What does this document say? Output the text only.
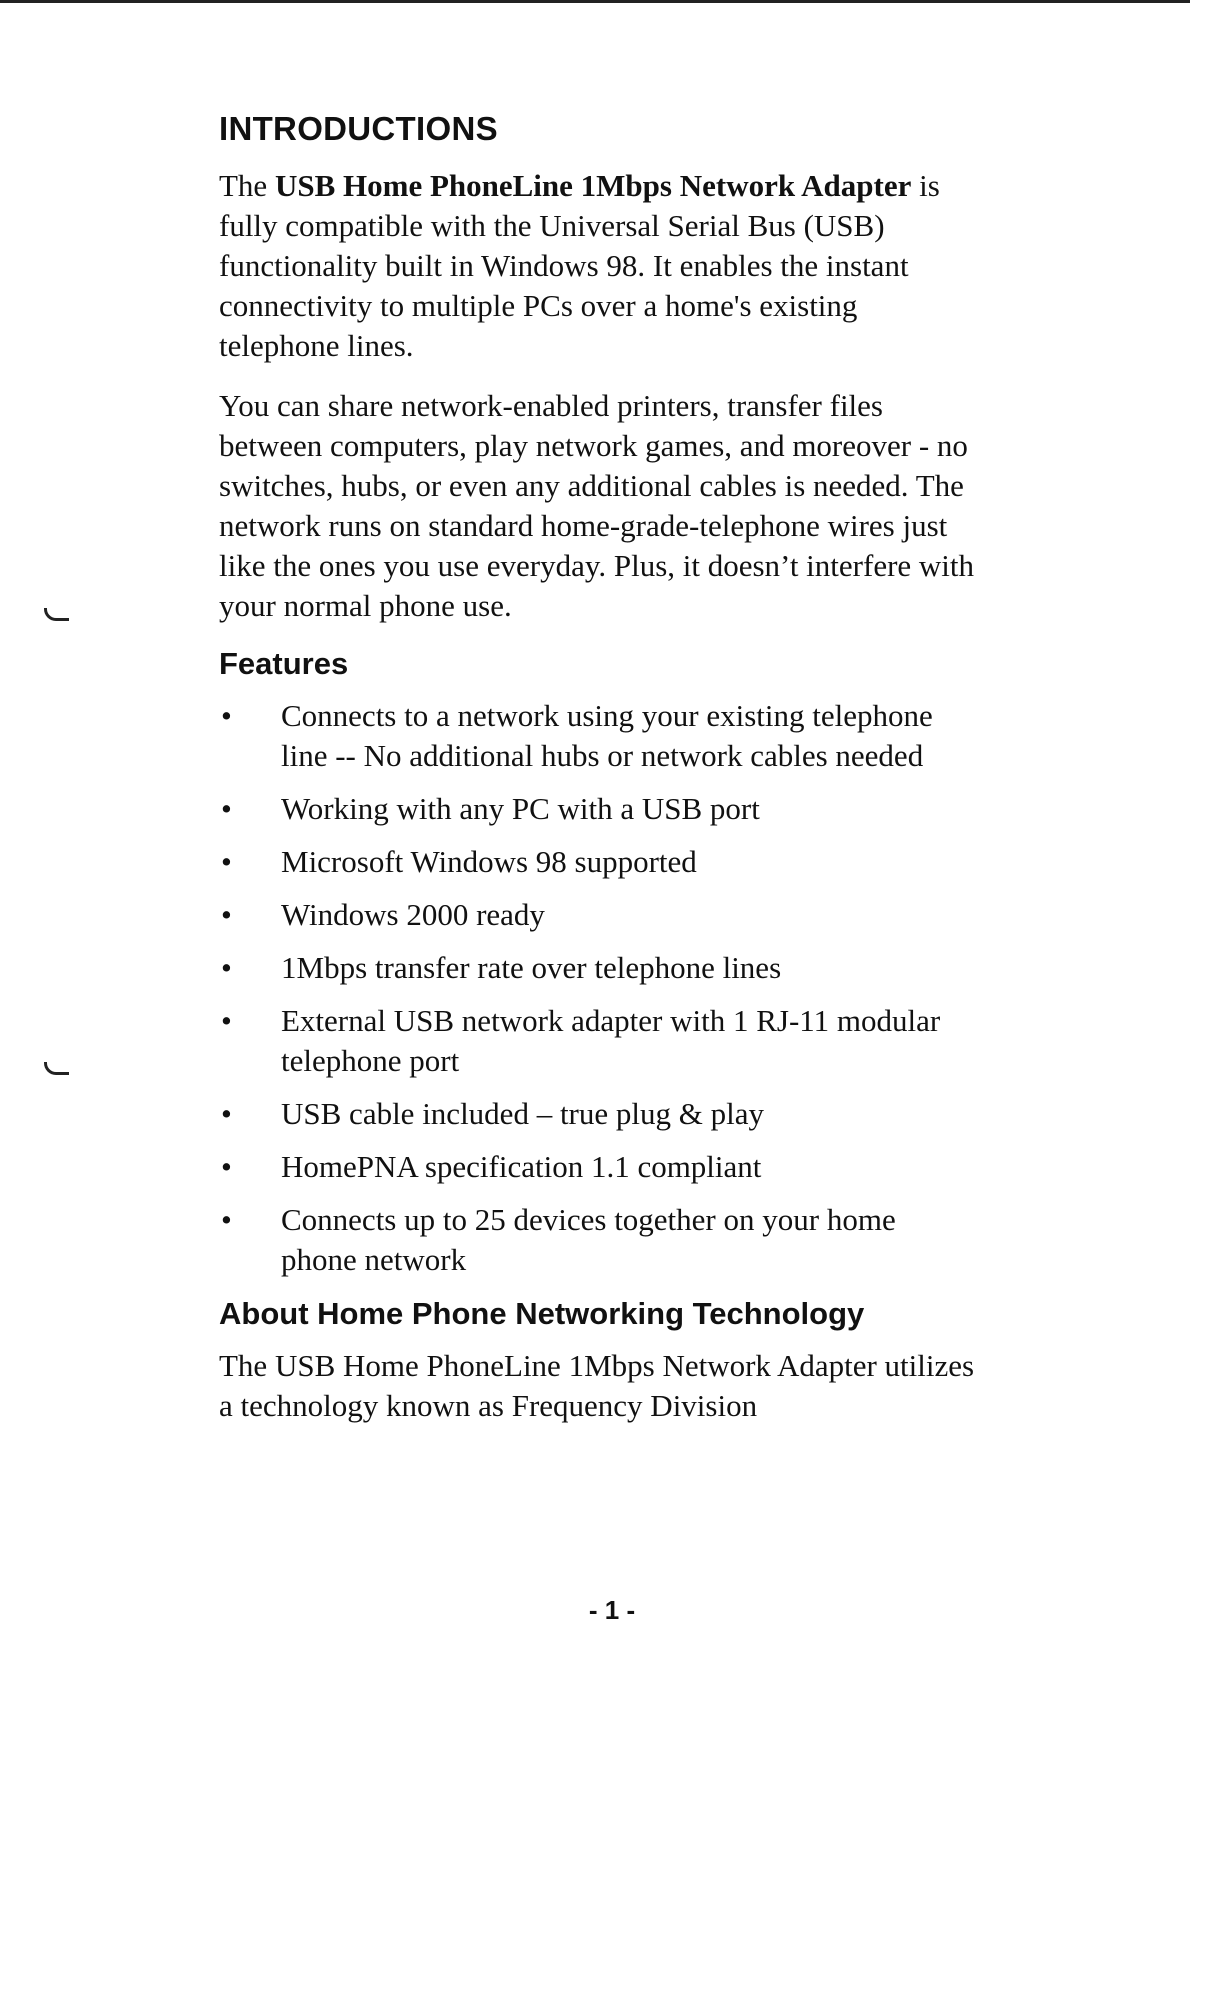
INTRODUCTIONS

The USB Home PhoneLine 1Mbps Network Adapter is fully compatible with the Universal Serial Bus (USB) functionality built in Windows 98. It enables the instant connectivity to multiple PCs over a home's existing telephone lines.

You can share network-enabled printers, transfer files between computers, play network games, and moreover - no switches, hubs, or even any additional cables is needed. The network runs on standard home-grade-telephone wires just like the ones you use everyday. Plus, it doesn’t interfere with your normal phone use.

Features
• Connects to a network using your existing telephone line -- No additional hubs or network cables needed
• Working with any PC with a USB port
• Microsoft Windows 98 supported
• Windows 2000 ready
• 1Mbps transfer rate over telephone lines
• External USB network adapter with 1 RJ-11 modular telephone port
• USB cable included – true plug & play
• HomePNA specification 1.1 compliant
• Connects up to 25 devices together on your home phone network
About Home Phone Networking Technology

The USB Home PhoneLine 1Mbps Network Adapter utilizes a technology known as Frequency Division

- 1 -
